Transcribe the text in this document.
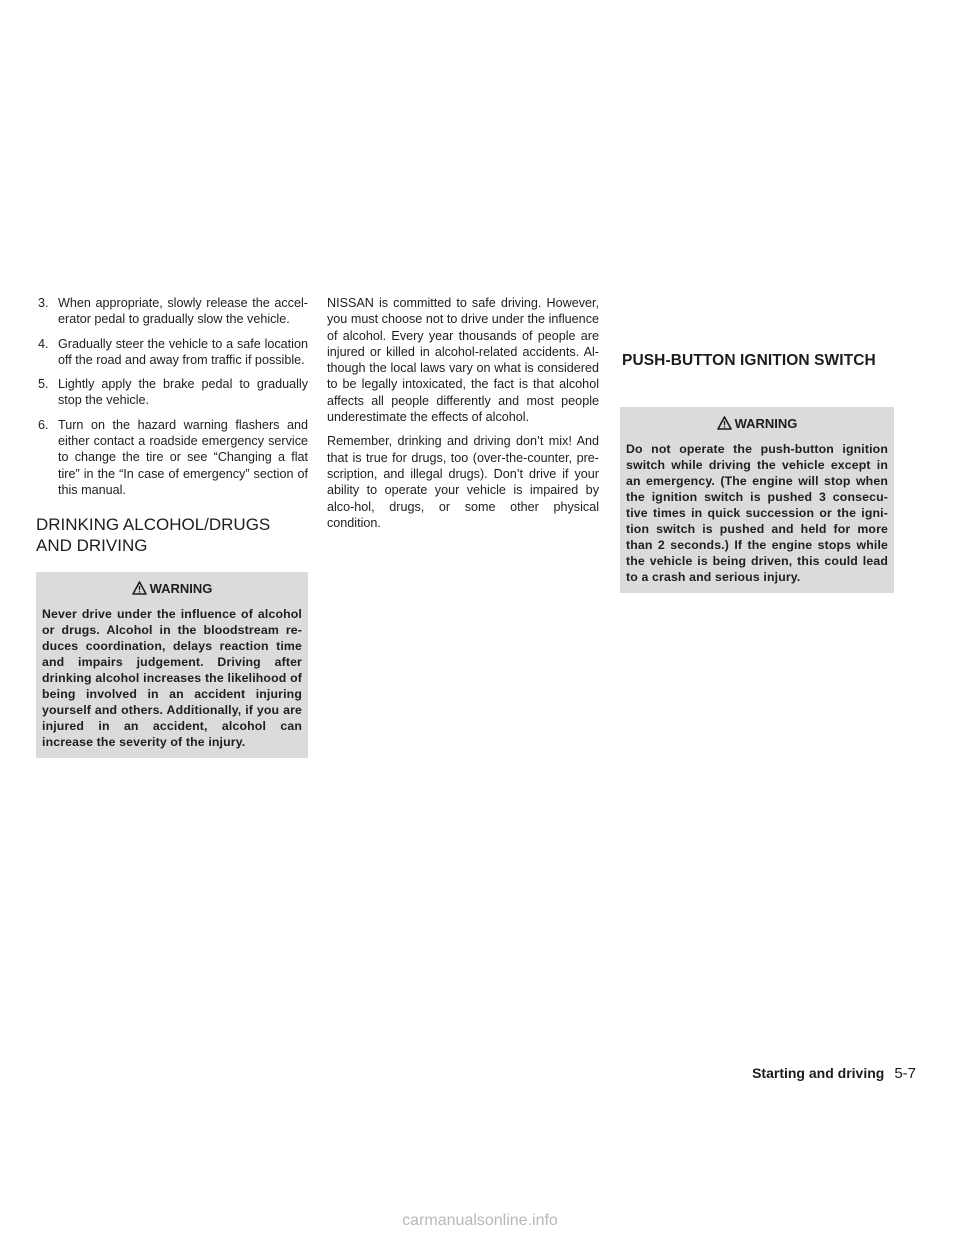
PUSH-BUTTON IGNITION SWITCH
3. When appropriate, slowly release the accel-erator pedal to gradually slow the vehicle.
4. Gradually steer the vehicle to a safe location off the road and away from traffic if possible.
5. Lightly apply the brake pedal to gradually stop the vehicle.
6. Turn on the hazard warning flashers and either contact a roadside emergency service to change the tire or see “Changing a flat tire” in the “In case of emergency” section of this manual.
DRINKING ALCOHOL/DRUGS AND DRIVING
WARNING
Never drive under the influence of alcohol or drugs. Alcohol in the bloodstream re-duces coordination, delays reaction time and impairs judgement. Driving after drinking alcohol increases the likelihood of being involved in an accident injuring yourself and others. Additionally, if you are injured in an accident, alcohol can increase the severity of the injury.

NISSAN is committed to safe driving. However, you must choose not to drive under the influence of alcohol. Every year thousands of people are injured or killed in alcohol-related accidents. Al-though the local laws vary on what is considered to be legally intoxicated, the fact is that alcohol affects all people differently and most people underestimate the effects of alcohol.

Remember, drinking and driving don’t mix! And that is true for drugs, too (over-the-counter, pre-scription, and illegal drugs). Don’t drive if your ability to operate your vehicle is impaired by alco-hol, drugs, or some other physical condition.

WARNING
Do not operate the push-button ignition switch while driving the vehicle except in an emergency. (The engine will stop when the ignition switch is pushed 3 consecu-tive times in quick succession or the igni-tion switch is pushed and held for more than 2 seconds.) If the engine stops while the vehicle is being driven, this could lead to a crash and serious injury.
Starting and driving 5-7
carmanualsonline.info
